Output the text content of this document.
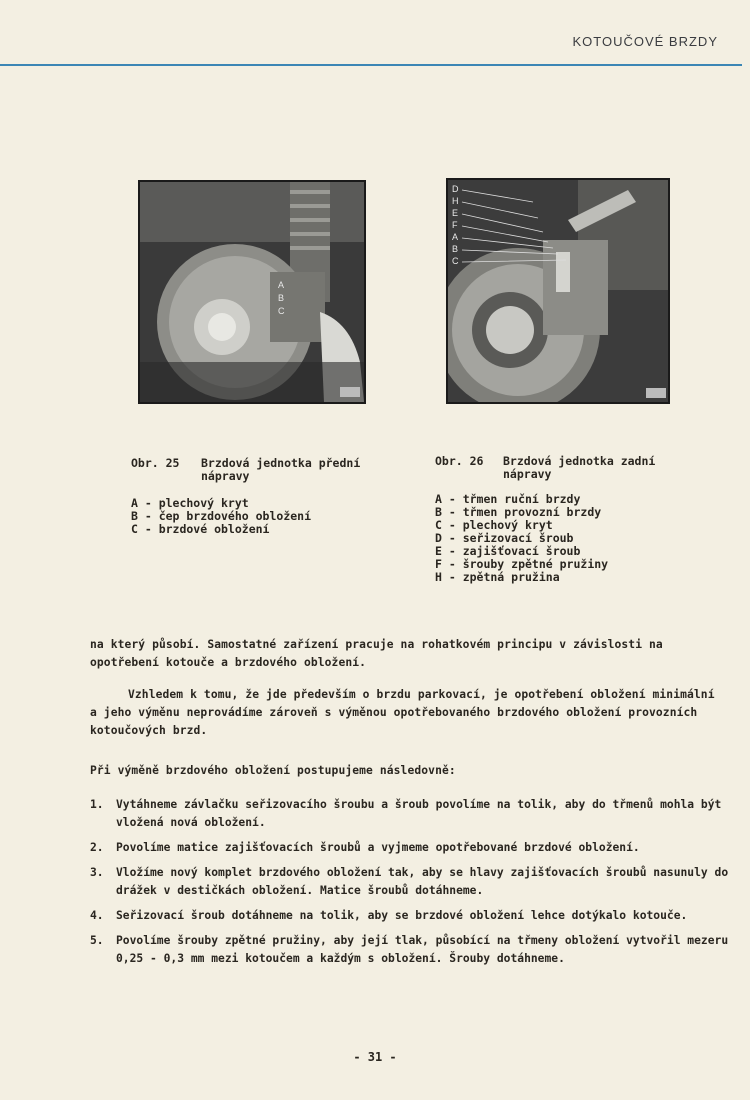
KOTOUČOVÉ BRZDY
A
B
C
D
H
E
F
A
B
C
Obr. 25	Brzdová jednotka přední nápravy
A - plechový kryt
B - čep brzdového obložení
C - brzdové obložení
Obr. 26	Brzdová jednotka zadní nápravy
A - třmen ruční brzdy
B - třmen provozní brzdy
C - plechový kryt
D - seřizovací šroub
E - zajišťovací šroub
F - šrouby zpětné pružiny
H - zpětná pružina

na který působí. Samostatné zařízení pracuje na rohatkovém principu v závislosti na opotřebení kotouče a brzdového obložení.

Vzhledem k tomu, že jde především o brzdu parkovací, je opotřebení obložení minimální a jeho výměnu neprovádíme zároveň s výměnou opotřebovaného brzdového obložení provozních kotoučových brzd.

Při výměně brzdového obložení postupujeme následovně:

1.	Vytáhneme závlačku seřizovacího šroubu a šroub povolíme na tolik, aby do třmenů mohla být vložená nová obložení.
2.	Povolíme matice zajišťovacích šroubů a vyjmeme opotřebované brzdové obložení.
3.	Vložíme nový komplet brzdového obložení tak, aby se hlavy zajišťovacích šroubů nasunuly do drážek v destičkách obložení. Matice šroubů dotáhneme.
4.	Seřizovací šroub dotáhneme na tolik, aby se brzdové obložení lehce dotýkalo kotouče.
5.	Povolíme šrouby zpětné pružiny, aby její tlak, působící na třmeny obložení vytvořil mezeru 0,25 - 0,3 mm mezi kotoučem a každým s obložení. Šrouby dotáhneme.
- 31 -
